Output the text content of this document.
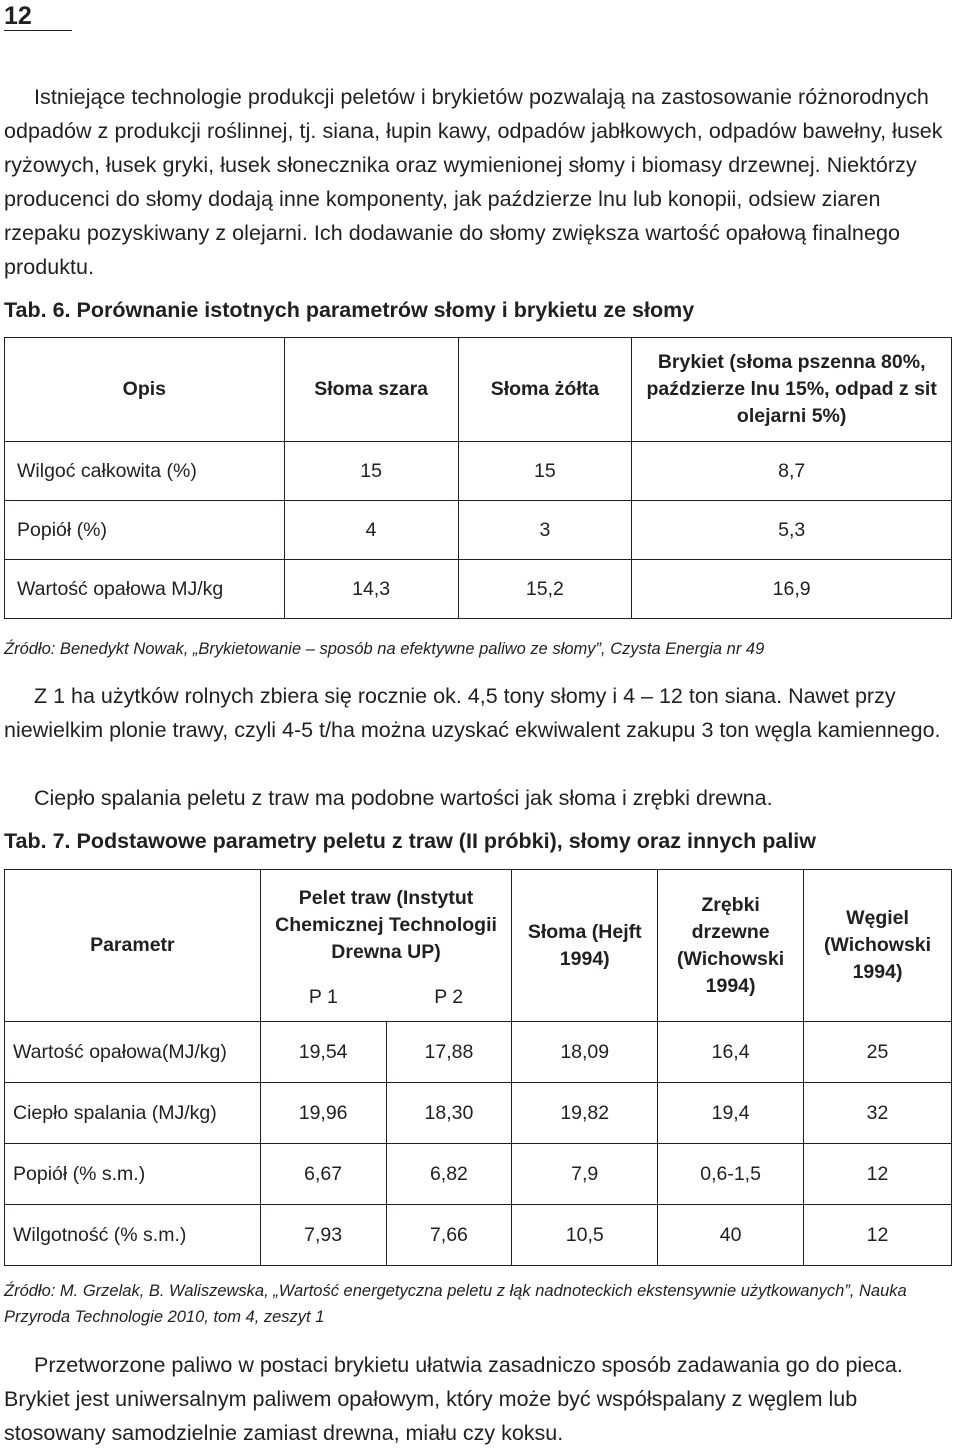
12

Istniejące technologie produkcji peletów i brykietów pozwalają na zastosowanie różnorodnych odpadów z produkcji roślinnej, tj. siana, łupin kawy, odpadów jabłkowych, odpadów bawełny, łusek ryżowych, łusek gryki, łusek słonecznika oraz wymienionej słomy i biomasy drzewnej. Niektórzy producenci do słomy dodają inne komponenty, jak paździerze lnu lub konopii, odsiew ziaren rzepaku pozyskiwany z olejarni. Ich dodawanie do słomy zwiększa wartość opałową finalnego produktu.

Tab. 6. Porównanie istotnych parametrów słomy i brykietu ze słomy

Opis	Słoma szara	Słoma żółta	Brykiet (słoma pszenna 80%, paździerze lnu 15%, odpad z sit olejarni 5%)
Wilgoć całkowita (%)	15	15	8,7
Popiół (%)	4	3	5,3
Wartość opałowa MJ/kg	14,3	15,2	16,9

Źródło: Benedykt Nowak, „Brykietowanie – sposób na efektywne paliwo ze słomy”, Czysta Energia nr 49

Z 1 ha użytków rolnych zbiera się rocznie ok. 4,5 tony słomy i 4 – 12 ton siana. Nawet przy niewielkim plonie trawy, czyli 4-5 t/ha można uzyskać ekwiwalent zakupu 3 ton węgla kamiennego.

Ciepło spalania peletu z traw ma podobne wartości jak słoma i zrębki drewna.

Tab. 7. Podstawowe parametry peletu z traw (II próbki), słomy oraz innych paliw

Parametr	Pelet traw (Instytut Chemicznej Technologii Drewna UP)		Słoma (Hejft 1994)	Zrębki drzewne (Wichowski 1994)	Węgiel (Wichowski 1994)
	P 1	P 2			
Wartość opałowa(MJ/kg)	19,54	17,88	18,09	16,4	25
Ciepło spalania (MJ/kg)	19,96	18,30	19,82	19,4	32
Popiół (% s.m.)	6,67	6,82	7,9	0,6-1,5	12
Wilgotność (% s.m.)	7,93	7,66	10,5	40	12

Źródło: M. Grzelak, B. Waliszewska, „Wartość energetyczna peletu z łąk nadnoteckich ekstensywnie użytkowanych”, Nauka Przyroda Technologie 2010, tom 4, zeszyt 1

Przetworzone paliwo w postaci brykietu ułatwia zasadniczo sposób zadawania go do pieca. Brykiet jest uniwersalnym paliwem opałowym, który może być współspalany z węglem lub stosowany samodzielnie zamiast drewna, miału czy koksu.
